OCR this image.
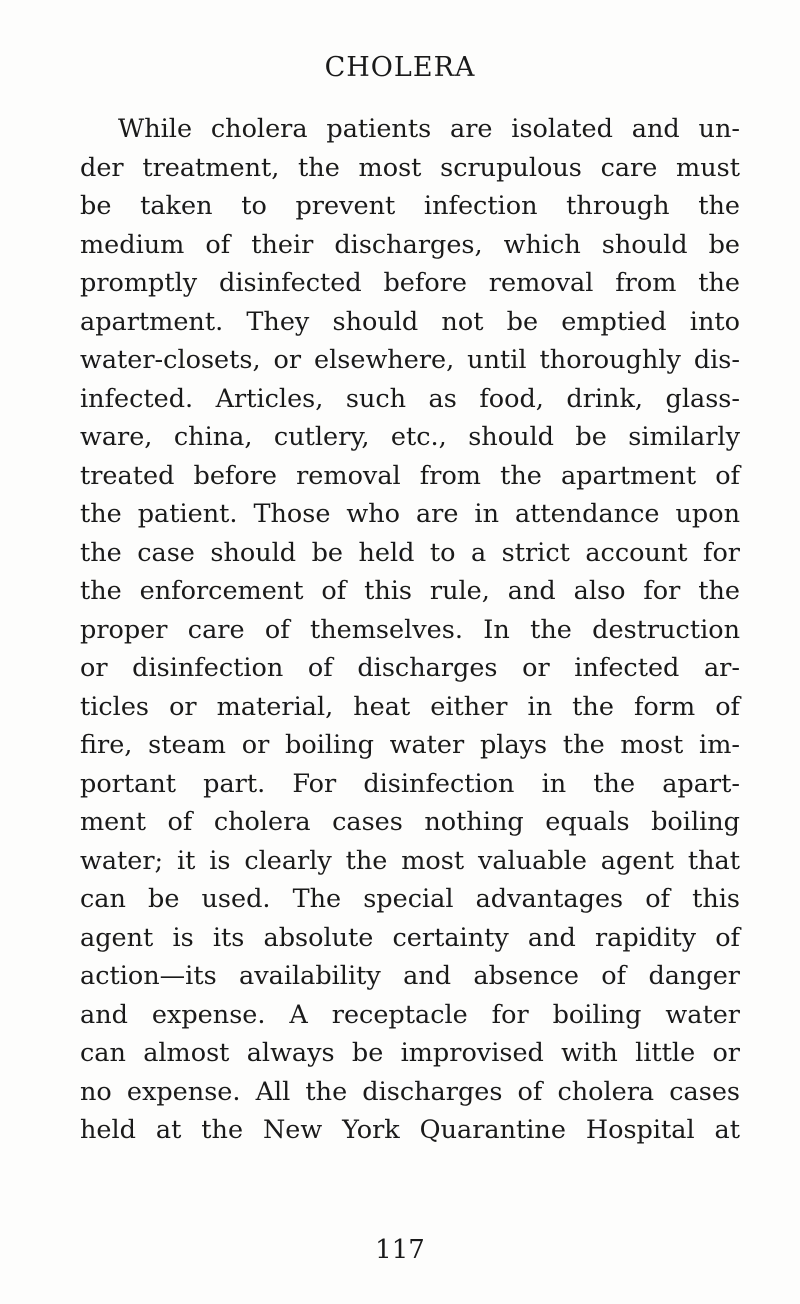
CHOLERA
While cholera patients are isolated and un-
der treatment, the most scrupulous care must
be taken to prevent infection through the
medium of their discharges, which should be
promptly disinfected before removal from the
apartment. They should not be emptied into
water-closets, or elsewhere, until thoroughly dis-
infected. Articles, such as food, drink, glass-
ware, china, cutlery, etc., should be similarly
treated before removal from the apartment of
the patient. Those who are in attendance upon
the case should be held to a strict account for
the enforcement of this rule, and also for the
proper care of themselves. In the destruction
or disinfection of discharges or infected ar-
ticles or material, heat either in the form of
fire, steam or boiling water plays the most im-
portant part. For disinfection in the apart-
ment of cholera cases nothing equals boiling
water; it is clearly the most valuable agent that
can be used. The special advantages of this
agent is its absolute certainty and rapidity of
action—its availability and absence of danger
and expense. A receptacle for boiling water
can almost always be improvised with little or
no expense. All the discharges of cholera cases
held at the New York Quarantine Hospital at
117
